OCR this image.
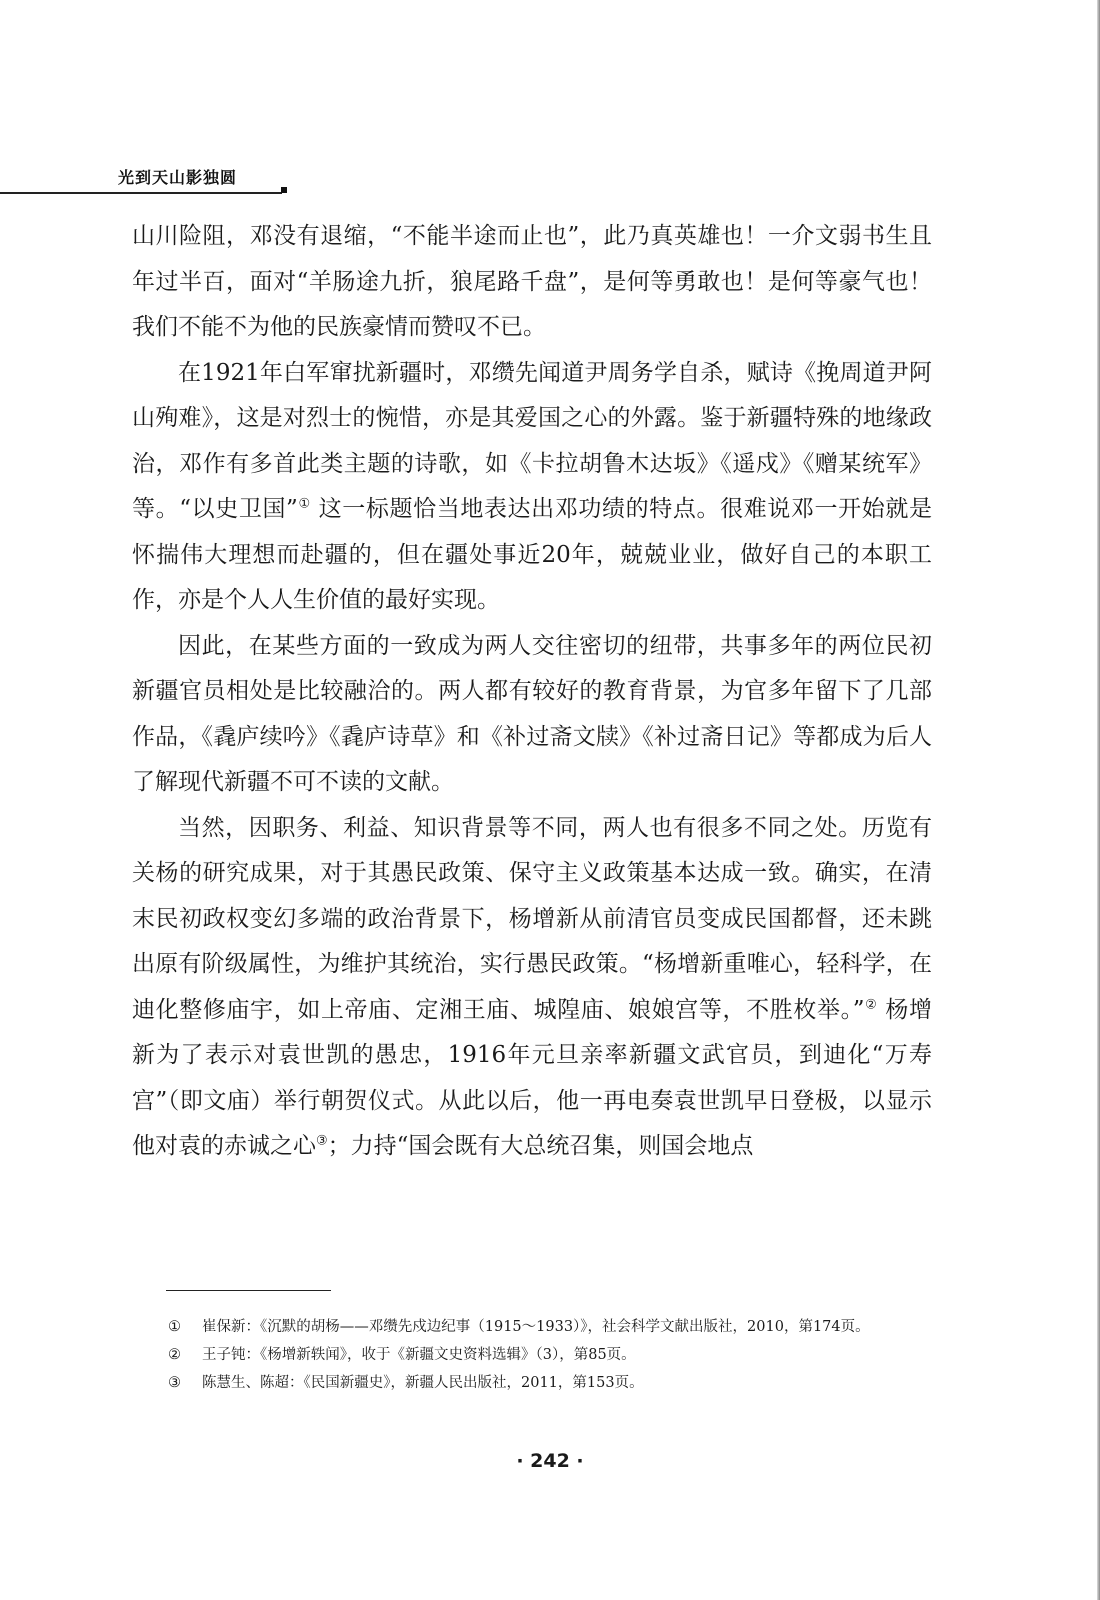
光到天山影独圆

山川险阻，邓没有退缩，“不能半途而止也”，此乃真英雄也！一介文弱书生且年过半百，面对“羊肠途九折，狼尾路千盘”，是何等勇敢也！是何等豪气也！我们不能不为他的民族豪情而赞叹不已。

在1921年白军窜扰新疆时，邓缵先闻道尹周务学自杀，赋诗《挽周道尹阿山殉难》，这是对烈士的惋惜，亦是其爱国之心的外露。鉴于新疆特殊的地缘政治，邓作有多首此类主题的诗歌，如《卡拉胡鲁木达坂》《遥戍》《赠某统军》等。“以史卫国”① 这一标题恰当地表达出邓功绩的特点。很难说邓一开始就是怀揣伟大理想而赴疆的，但在疆处事近20年，兢兢业业，做好自己的本职工作，亦是个人人生价值的最好实现。

因此，在某些方面的一致成为两人交往密切的纽带，共事多年的两位民初新疆官员相处是比较融洽的。两人都有较好的教育背景，为官多年留下了几部作品，《毳庐续吟》《毳庐诗草》和《补过斋文牍》《补过斋日记》等都成为后人了解现代新疆不可不读的文献。

当然，因职务、利益、知识背景等不同，两人也有很多不同之处。历览有关杨的研究成果，对于其愚民政策、保守主义政策基本达成一致。确实，在清末民初政权变幻多端的政治背景下，杨增新从前清官员变成民国都督，还未跳出原有阶级属性，为维护其统治，实行愚民政策。“杨增新重唯心，轻科学，在迪化整修庙宇，如上帝庙、定湘王庙、城隍庙、娘娘宫等，不胜枚举。”② 杨增新为了表示对袁世凯的愚忠，1916年元旦亲率新疆文武官员，到迪化“万寿宫”（即文庙）举行朝贺仪式。从此以后，他一再电奏袁世凯早日登极，以显示他对袁的赤诚之心③；力持“国会既有大总统召集，则国会地点

①	崔保新：《沉默的胡杨——邓缵先戍边纪事（1915～1933）》，社会科学文献出版社，2010，第174页。
②	王子钝：《杨增新轶闻》，收于《新疆文史资料选辑》（3），第85页。
③	陈慧生、陈超：《民国新疆史》，新疆人民出版社，2011，第153页。
· 242 ·
